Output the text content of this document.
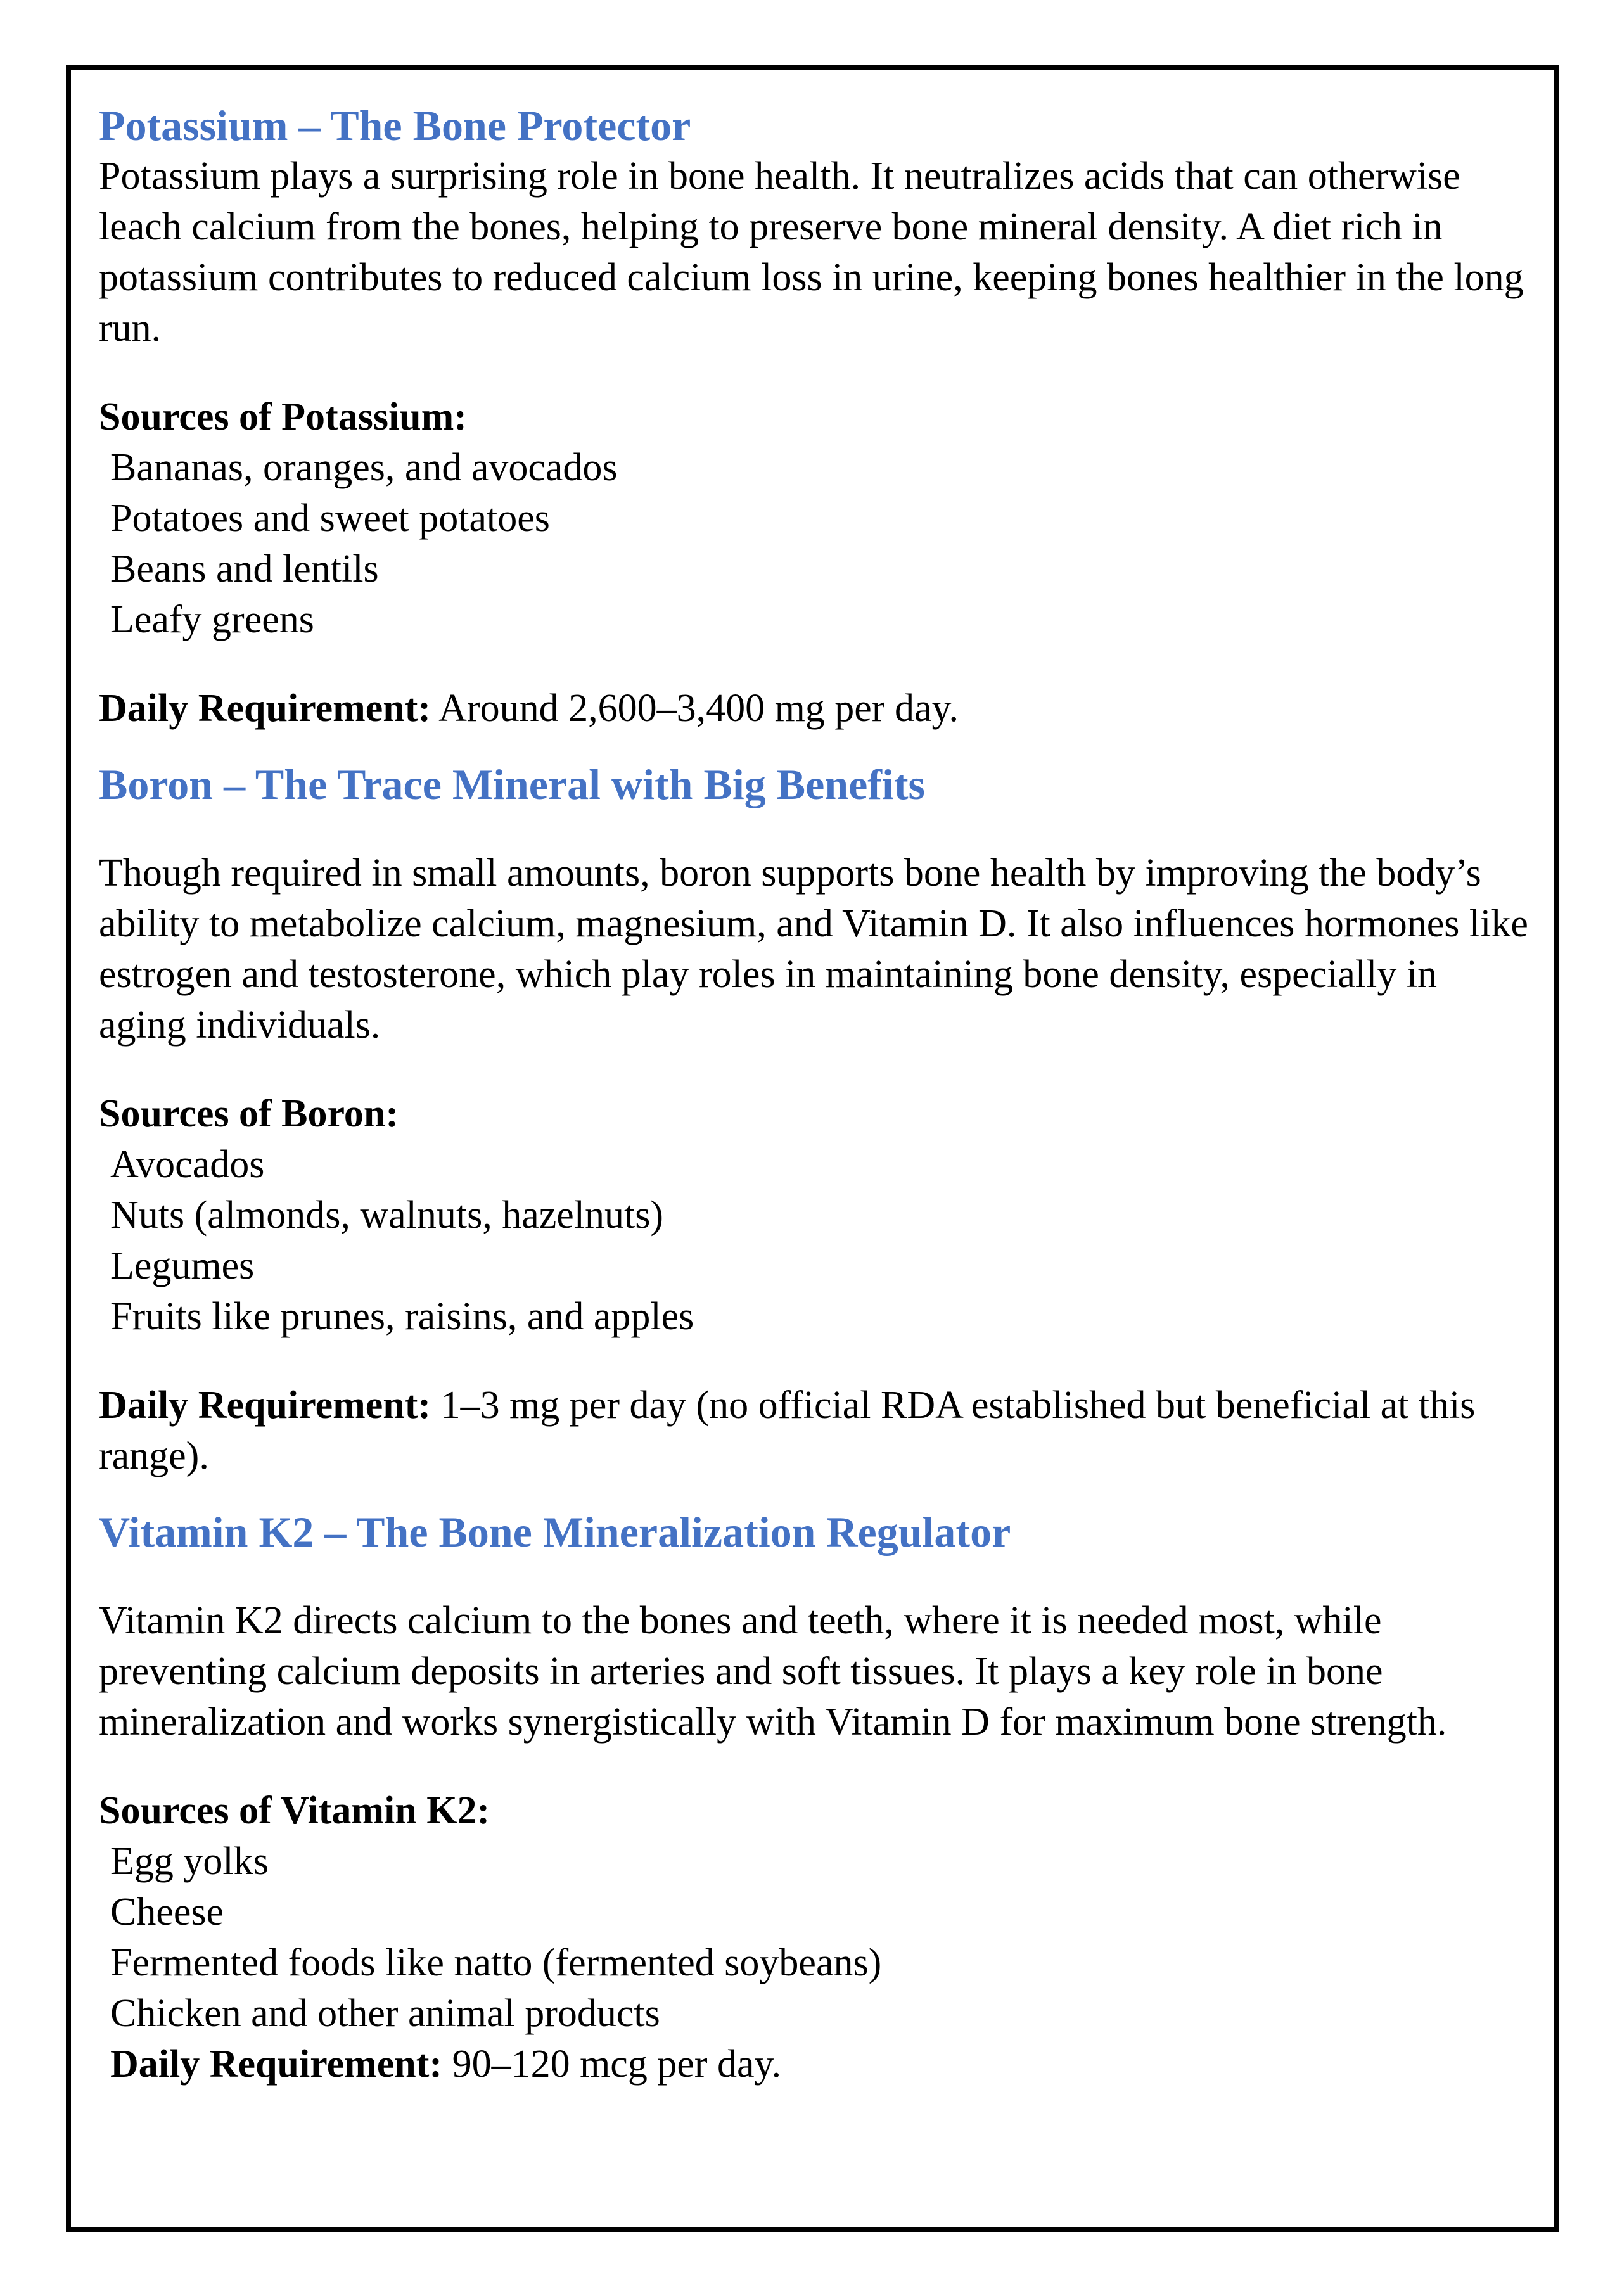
Potassium – The Bone Protector

Potassium plays a surprising role in bone health. It neutralizes acids that can otherwise leach calcium from the bones, helping to preserve bone mineral density. A diet rich in potassium contributes to reduced calcium loss in urine, keeping bones healthier in the long run.

Sources of Potassium:

Bananas, oranges, and avocados
Potatoes and sweet potatoes
Beans and lentils
Leafy greens

Daily Requirement: Around 2,600–3,400 mg per day.

Boron – The Trace Mineral with Big Benefits

Though required in small amounts, boron supports bone health by improving the body’s ability to metabolize calcium, magnesium, and Vitamin D. It also influences hormones like estrogen and testosterone, which play roles in maintaining bone density, especially in aging individuals.

Sources of Boron:

Avocados
Nuts (almonds, walnuts, hazelnuts)
Legumes
Fruits like prunes, raisins, and apples

Daily Requirement: 1–3 mg per day (no official RDA established but beneficial at this range).

Vitamin K2 – The Bone Mineralization Regulator

Vitamin K2 directs calcium to the bones and teeth, where it is needed most, while preventing calcium deposits in arteries and soft tissues. It plays a key role in bone mineralization and works synergistically with Vitamin D for maximum bone strength.

Sources of Vitamin K2:

Egg yolks
Cheese
Fermented foods like natto (fermented soybeans)
Chicken and other animal products

Daily Requirement: 90–120 mcg per day.
